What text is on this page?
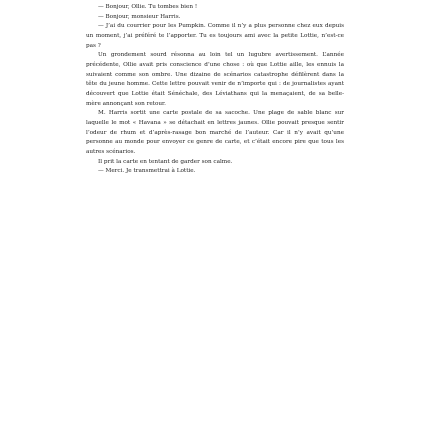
— Bonjour, Ollie. Tu tombes bien !

— Bonjour, monsieur Harris.

— J’ai du courrier pour les Pumpkin. Comme il n’y a plus personne chez eux depuis un moment, j’ai préféré te l’apporter. Tu es toujours ami avec la petite Lottie, n’est-ce pas ?

Un grondement sourd résonna au loin tel un lugubre avertissement. L’année précédente, Ollie avait pris conscience d’une chose : où que Lottie aille, les ennuis la suivaient comme son ombre. Une dizaine de scénarios catastrophe défilèrent dans la tête du jeune homme. Cette lettre pouvait venir de n’importe qui : de journalistes ayant découvert que Lottie était Sénéchale, des Léviathans qui la menaçaient, de sa belle-mère annonçant son retour.

M. Harris sortit une carte postale de sa sacoche. Une plage de sable blanc sur laquelle le mot « Havana » se détachait en lettres jaunes. Ollie pouvait presque sentir l’odeur de rhum et d’après-rasage bon marché de l’auteur. Car il n’y avait qu’une personne au monde pour envoyer ce genre de carte, et c’était encore pire que tous les autres scénarios.

Il prit la carte en tentant de garder son calme.

— Merci. Je transmettrai à Lottie.
